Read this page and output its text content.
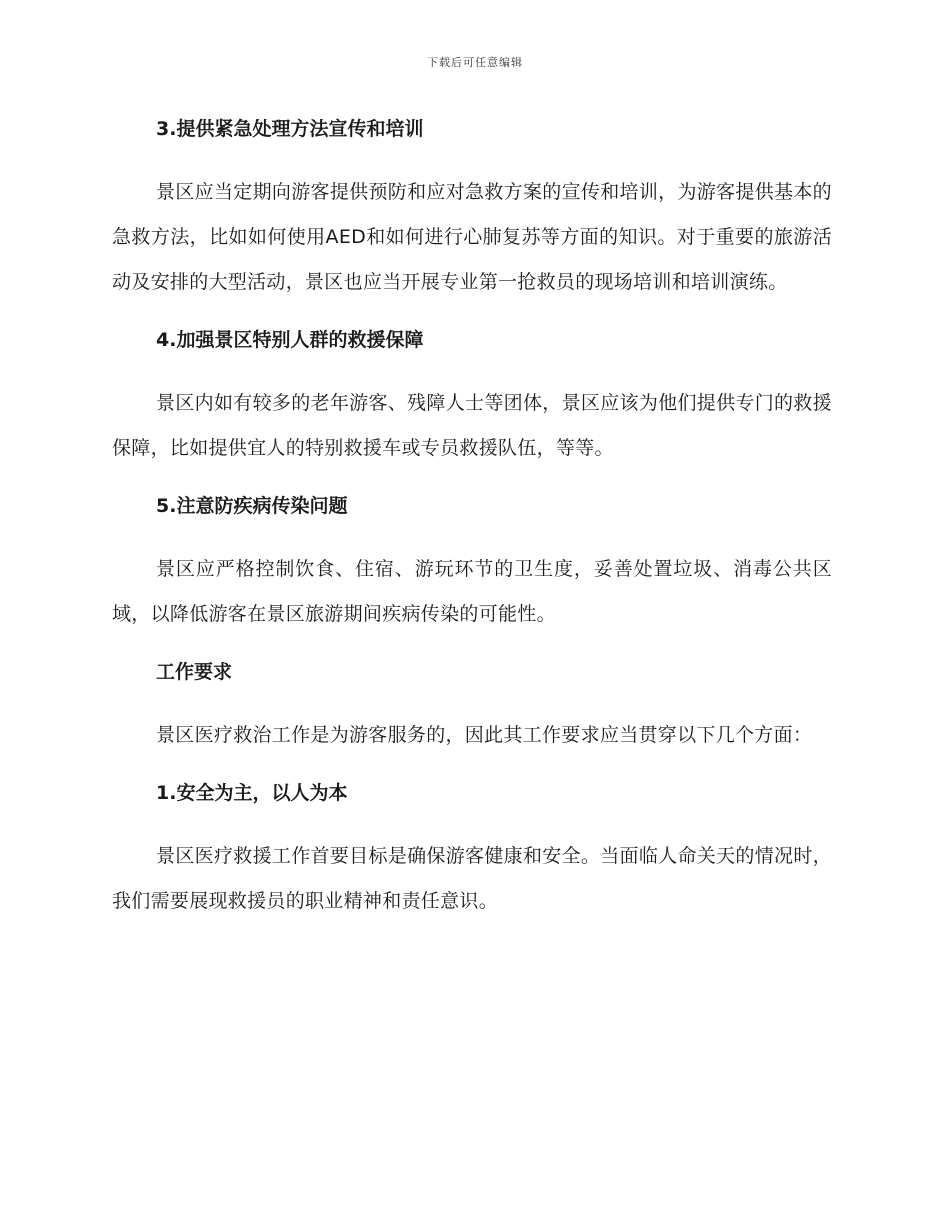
下载后可任意编辑
3.提供紧急处理方法宣传和培训

景区应当定期向游客提供预防和应对急救方案的宣传和培训，为游客提供基本的急救方法，比如如何使用AED和如何进行心肺复苏等方面的知识。对于重要的旅游活动及安排的大型活动，景区也应当开展专业第一抢救员的现场培训和培训演练。

4.加强景区特别人群的救援保障

景区内如有较多的老年游客、残障人士等团体，景区应该为他们提供专门的救援保障，比如提供宜人的特别救援车或专员救援队伍，等等。

5.注意防疾病传染问题

景区应严格控制饮食、住宿、游玩环节的卫生度，妥善处置垃圾、消毒公共区域，以降低游客在景区旅游期间疾病传染的可能性。

工作要求

景区医疗救治工作是为游客服务的，因此其工作要求应当贯穿以下几个方面：

1.安全为主，以人为本

景区医疗救援工作首要目标是确保游客健康和安全。当面临人命关天的情况时，我们需要展现救援员的职业精神和责任意识。
